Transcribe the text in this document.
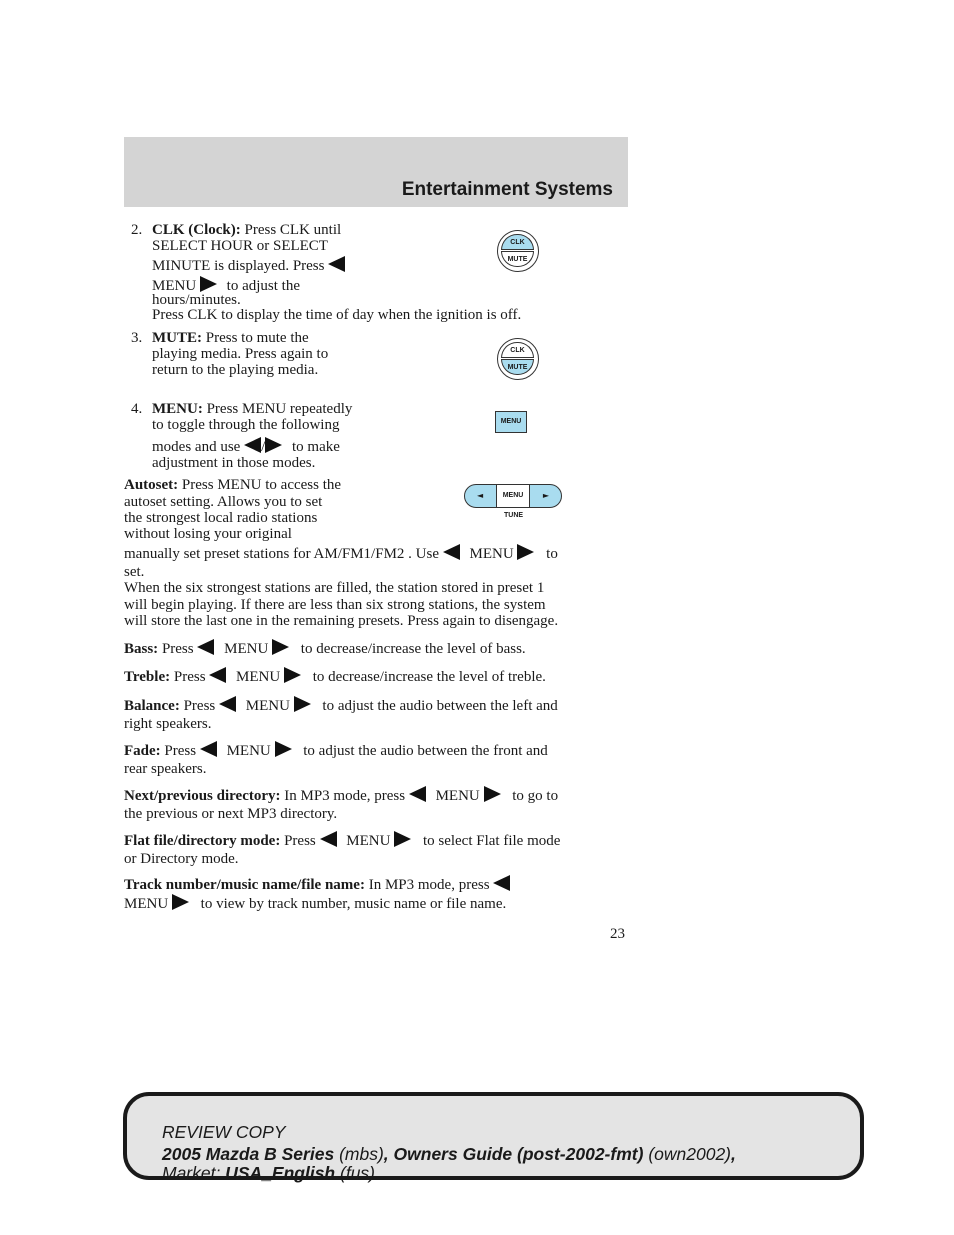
Entertainment Systems
2. CLK (Clock): Press CLK until
SELECT HOUR or SELECT
MINUTE is displayed. Press
MENU to adjust the
hours/minutes.
Press CLK to display the time of day when the ignition is off.
CLK
MUTE
3. MUTE: Press to mute the
playing media. Press again to
return to the playing media.
CLK
MUTE
4. MENU: Press MENU repeatedly
to toggle through the following
modes and use / to make
adjustment in those modes.
MENU
Autoset: Press MENU to access the
autoset setting. Allows you to set
the strongest local radio stations
without losing your original
manually set preset stations for AM/FM1/FM2 . Use MENU to
set.
When the six strongest stations are filled, the station stored in preset 1
will begin playing. If there are less than six strong stations, the system
will store the last one in the remaining presets. Press again to disengage.
◄	MENU	►
TUNE
Bass: Press MENU to decrease/increase the level of bass.
Treble: Press MENU to decrease/increase the level of treble.
Balance: Press MENU to adjust the audio between the left and
right speakers.
Fade: Press MENU to adjust the audio between the front and
rear speakers.
Next/previous directory: In MP3 mode, press MENU to go to
the previous or next MP3 directory.
Flat file/directory mode: Press MENU to select Flat file mode
or Directory mode.
Track number/music name/file name: In MP3 mode, press
MENU to view by track number, music name or file name.
23
REVIEW COPY
2005 Mazda B Series (mbs), Owners Guide (post-2002-fmt) (own2002),
Market: USA_English (fus)
